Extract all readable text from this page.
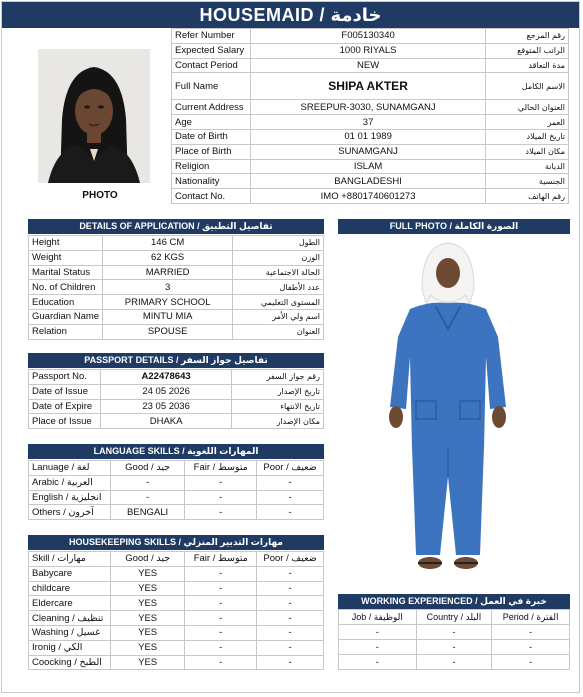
HOUSEMAID / خادمة
PHOTO
Refer Number	F005130340	رقم المرجع
Expected Salary	1000 RIYALS	الراتب المتوقع
Contact Period	NEW	مدة التعاقد
Full Name	SHIPA AKTER	الاسم الكامل
Current Address	SREEPUR-3030, SUNAMGANJ	العنوان الحالي
Age	37	العمر
Date of Birth	01 01 1989	تاريخ الميلاد
Place of Birth	SUNAMGANJ	مكان الميلاد
Religion	ISLAM	الديانة
Nationality	BANGLADESHI	الجنسية
Contact No.	IMO +8801740601273	رقم الهاتف
DETAILS OF APPLICATION / تفاصيل التطبيق
Height	146 CM	الطول
Weight	62 KGS	الوزن
Marital Status	MARRIED	الحالة الاجتماعية
No. of Children	3	عدد الأطفال
Education	PRIMARY SCHOOL	المستوى التعليمي
Guardian Name	MINTU MIA	اسم ولي الأمر
Relation	SPOUSE	العنوان
PASSPORT DETAILS / تفاصيل جواز السفر
Passport No.	A22478643	رقم جواز السفر
Date of Issue	24 05 2026	تاريخ الإصدار
Date of Expire	23 05 2036	تاريخ الانتهاء
Place of Issue	DHAKA	مكان الإصدار
LANGUAGE SKILLS / المهارات اللغوية
Lanuage / لغة	Good / جيد	Fair / متوسط	Poor / ضعيف
Arabic / العربية	-	-	-
English / انجليزية	-	-	-
Others / آخرون	BENGALI	-	-
HOUSEKEEPING SKILLS / مهارات التدبير المنزلي
Skill / مهارات	Good / جيد	Fair / متوسط	Poor / ضعيف
Babycare	YES	-	-
childcare	YES	-	-
Eldercare	YES	-	-
Cleaning / تنظيف	YES	-	-
Washing / غسيل	YES	-	-
Ironig / الكي	YES	-	-
Coocking / الطبخ	YES	-	-
FULL PHOTO / الصورة الكاملة
WORKING EXPERIENCED / خبرة في العمل
Job / الوظيفة	Country / البلد	Period / الفترة
-	-	-
-	-	-
-	-	-
